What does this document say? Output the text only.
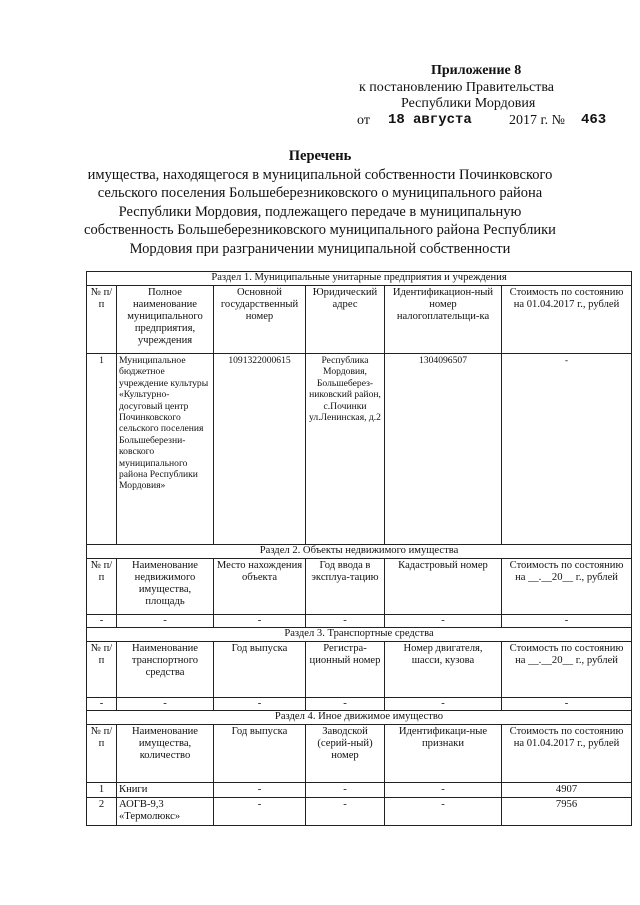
Приложение 8
к постановлению Правительства
Республики Мордовия
от 18 августа	2017 г. № 463
Перечень
имущества, находящегося в муниципальной собственности Починковского
сельского поселения Большеберезниковского о муниципального района
Республики Мордовия, подлежащего передаче в муниципальную
собственность Большеберезниковского муниципального района Республики
Мордовия при разграничении муниципальной собственности
Раздел 1. Муниципальные унитарные предприятия и учреждения					
№ п/п	Полное наименование муниципального предприятия, учреждения	Основной государственный номер	Юридический адрес	Идентификацион-ный номер налогоплательщи-ка	Стоимость по состоянию на 01.04.2017 г., рублей
1	Муниципальное бюджетное учреждение культуры «Культурно-досуговый центр Починковского сельского поселения Большеберезни-ковского муниципального района Республики Мордовия»	1091322000615	Республика Мордовия, Большеберез-никовский район, с.Починки ул.Ленинская, д.2	1304096507	-
Раздел 2. Объекты недвижимого имущества					
№ п/п	Наименование недвижимого имущества, площадь	Место нахождения объекта	Год ввода в эксплуа-тацию	Кадастровый номер	Стоимость по состоянию на __.__20__ г., рублей
-	-	-	-	-	-
Раздел 3. Транспортные средства					
№ п/п	Наименование транспортного средства	Год выпуска	Регистра-ционный номер	Номер двигателя, шасси, кузова	Стоимость по состоянию на __.__20__ г., рублей
-	-	-	-	-	-
Раздел 4. Иное движимое имущество					
№ п/п	Наименование имущества, количество	Год выпуска	Заводской (серий-ный) номер	Идентификаци-ные признаки	Стоимость по состоянию на 01.04.2017 г., рублей
1	Книги	-	-	-	4907
2	АОГВ-9,3 «Термолюкс»	-	-	-	7956
